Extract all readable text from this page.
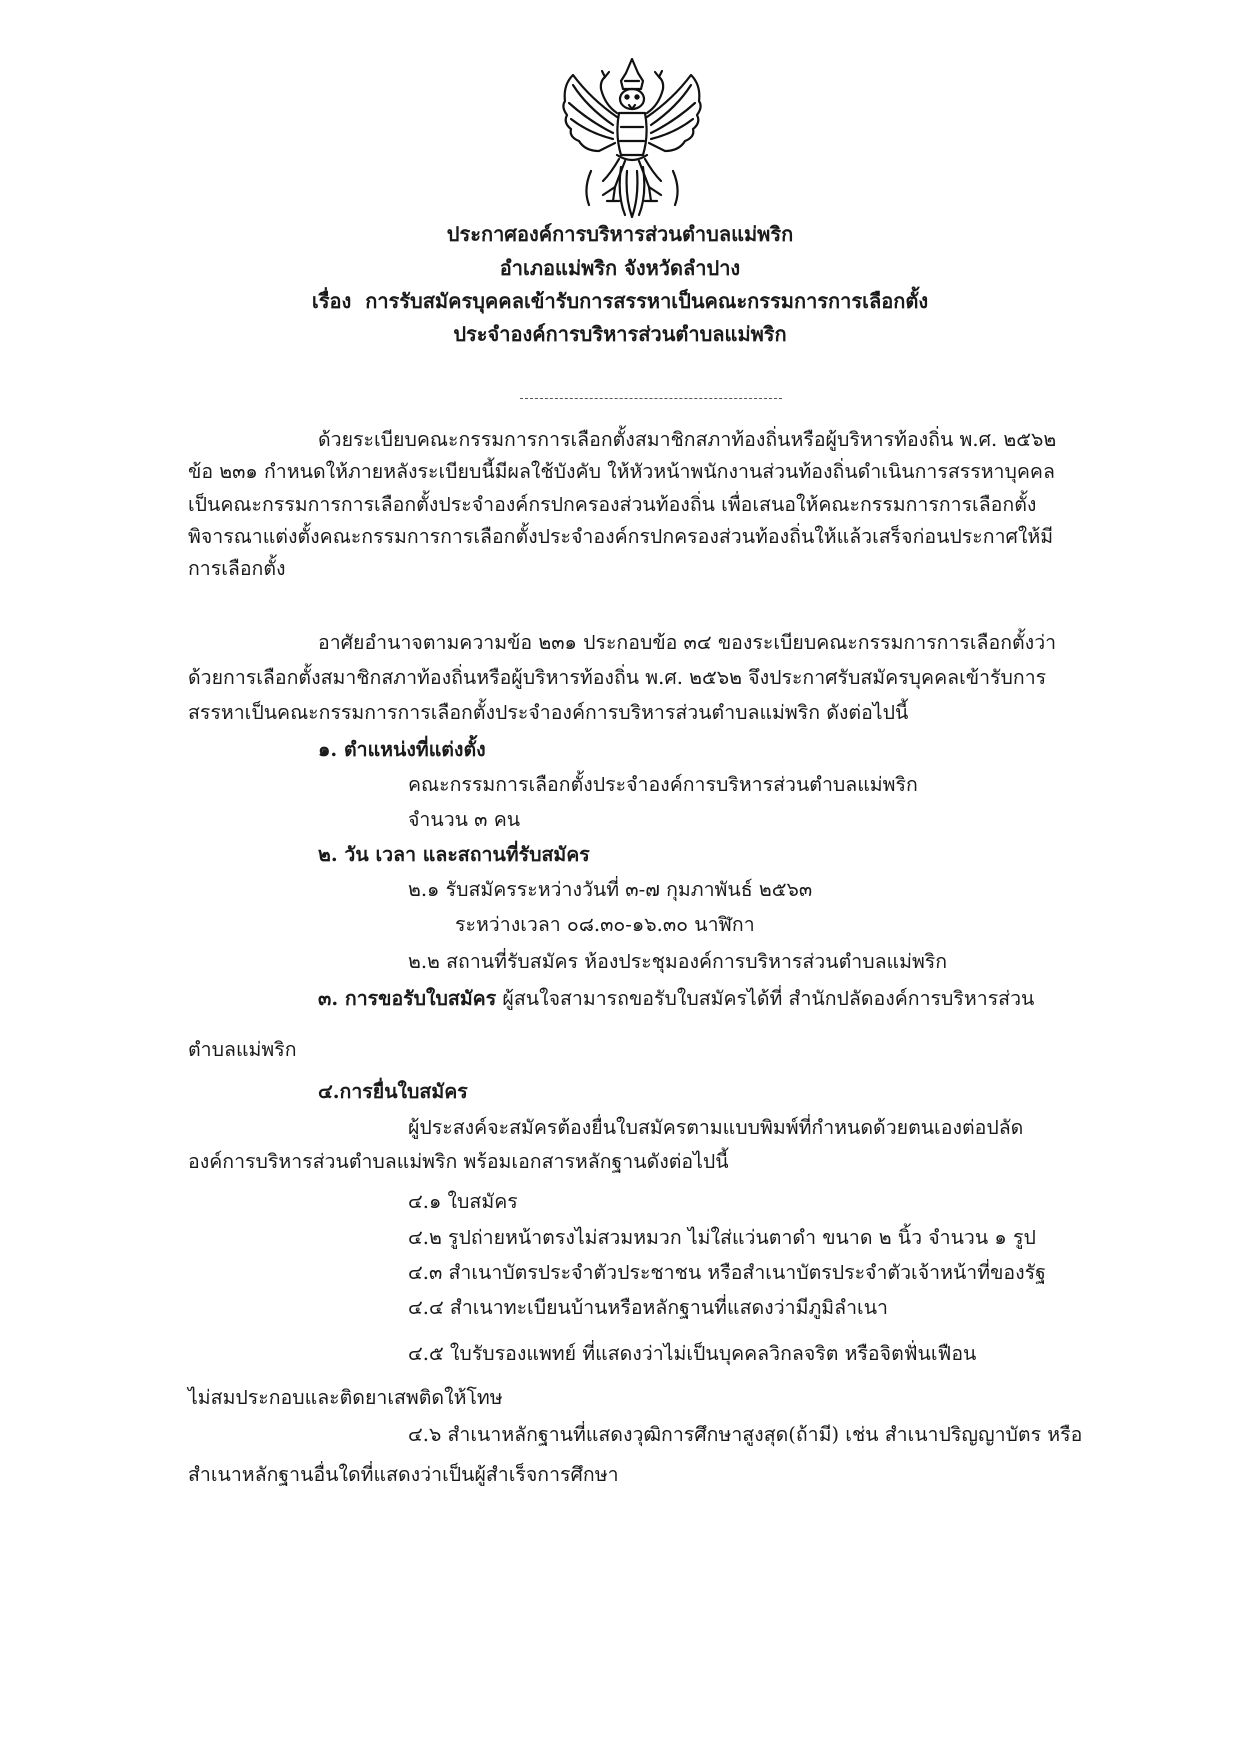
ประกาศองค์การบริหารส่วนตำบลแม่พริก
อำเภอแม่พริก จังหวัดลำปาง
เรื่อง การรับสมัครบุคคลเข้ารับการสรรหาเป็นคณะกรรมการการเลือกตั้ง
ประจำองค์การบริหารส่วนตำบลแม่พริก
ด้วยระเบียบคณะกรรมการการเลือกตั้งสมาชิกสภาท้องถิ่นหรือผู้บริหารท้องถิ่น พ.ศ. ๒๕๖๒
ข้อ ๒๓๑ กำหนดให้ภายหลังระเบียบนี้มีผลใช้บังคับ ให้หัวหน้าพนักงานส่วนท้องถิ่นดำเนินการสรรหาบุคคล
เป็นคณะกรรมการการเลือกตั้งประจำองค์กรปกครองส่วนท้องถิ่น เพื่อเสนอให้คณะกรรมการการเลือกตั้ง
พิจารณาแต่งตั้งคณะกรรมการการเลือกตั้งประจำองค์กรปกครองส่วนท้องถิ่นให้แล้วเสร็จก่อนประกาศให้มี
การเลือกตั้ง
อาศัยอำนาจตามความข้อ ๒๓๑ ประกอบข้อ ๓๔ ของระเบียบคณะกรรมการการเลือกตั้งว่า
ด้วยการเลือกตั้งสมาชิกสภาท้องถิ่นหรือผู้บริหารท้องถิ่น พ.ศ. ๒๕๖๒ จึงประกาศรับสมัครบุคคลเข้ารับการ
สรรหาเป็นคณะกรรมการการเลือกตั้งประจำองค์การบริหารส่วนตำบลแม่พริก ดังต่อไปนี้
๑. ตำแหน่งที่แต่งตั้ง
คณะกรรมการเลือกตั้งประจำองค์การบริหารส่วนตำบลแม่พริก
จำนวน ๓ คน
๒. วัน เวลา และสถานที่รับสมัคร
๒.๑ รับสมัครระหว่างวันที่ ๓-๗ กุมภาพันธ์ ๒๕๖๓
ระหว่างเวลา ๐๘.๓๐-๑๖.๓๐ นาฬิกา
๒.๒ สถานที่รับสมัคร ห้องประชุมองค์การบริหารส่วนตำบลแม่พริก
๓. การขอรับใบสมัคร ผู้สนใจสามารถขอรับใบสมัครได้ที่ สำนักปลัดองค์การบริหารส่วน
ตำบลแม่พริก
๔.การยื่นใบสมัคร
ผู้ประสงค์จะสมัครต้องยื่นใบสมัครตามแบบพิมพ์ที่กำหนดด้วยตนเองต่อปลัด
องค์การบริหารส่วนตำบลแม่พริก พร้อมเอกสารหลักฐานดังต่อไปนี้
๔.๑ ใบสมัคร
๔.๒ รูปถ่ายหน้าตรงไม่สวมหมวก ไม่ใส่แว่นตาดำ ขนาด ๒ นิ้ว จำนวน ๑ รูป
๔.๓ สำเนาบัตรประจำตัวประชาชน หรือสำเนาบัตรประจำตัวเจ้าหน้าที่ของรัฐ
๔.๔ สำเนาทะเบียนบ้านหรือหลักฐานที่แสดงว่ามีภูมิลำเนา
๔.๕ ใบรับรองแพทย์ ที่แสดงว่าไม่เป็นบุคคลวิกลจริต หรือจิตฟั่นเฟือน
ไม่สมประกอบและติดยาเสพติดให้โทษ
๔.๖ สำเนาหลักฐานที่แสดงวุฒิการศึกษาสูงสุด(ถ้ามี) เช่น สำเนาปริญญาบัตร หรือ
สำเนาหลักฐานอื่นใดที่แสดงว่าเป็นผู้สำเร็จการศึกษา
